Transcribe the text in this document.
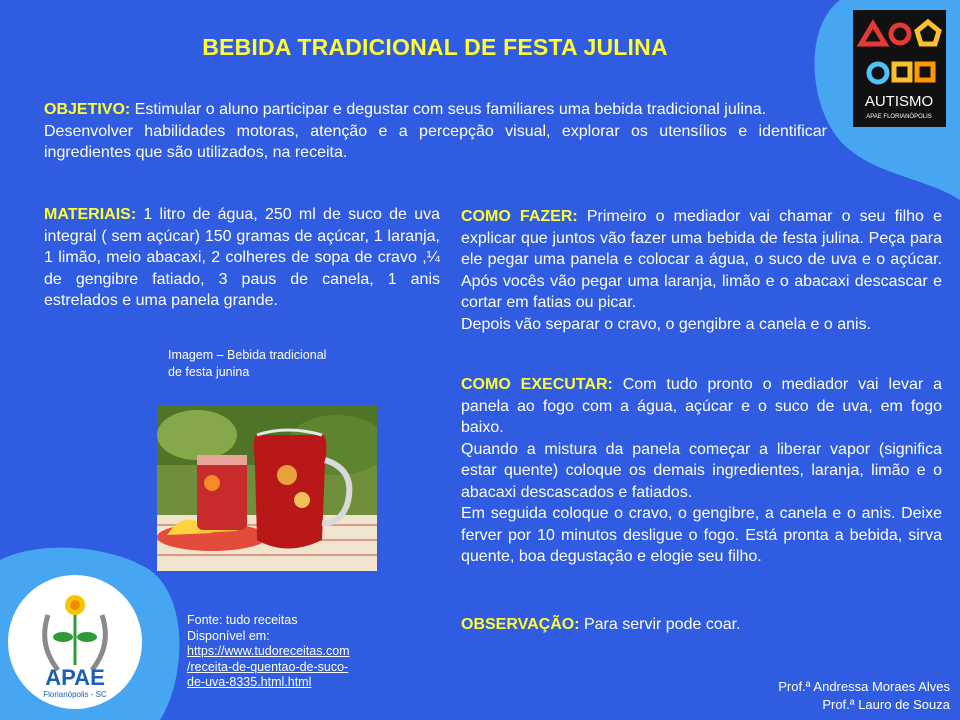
BEBIDA TRADICIONAL DE FESTA JULINA
AUTISMO
APAE FLORIANÓPOLIS

OBJETIVO: Estimular o aluno participar e degustar com seus familiares uma bebida tradicional julina.

Desenvolver habilidades motoras, atenção e a percepção visual, explorar os utensílios e identificar ingredientes que são utilizados, na receita.

MATERIAIS: 1 litro de água, 250 ml de suco de uva integral ( sem açúcar) 150 gramas de açúcar, 1 laranja, 1 limão, meio abacaxi, 2 colheres de sopa de cravo ,¼ de gengibre fatiado, 3 paus de canela, 1 anis estrelados e uma panela grande.

COMO FAZER: Primeiro o mediador vai chamar o seu filho e explicar que juntos vão fazer uma bebida de festa julina. Peça para ele pegar uma panela e colocar a água, o suco de uva e o açúcar. Após vocês vão pegar uma laranja, limão e o abacaxi descascar e cortar em fatias ou picar.

Depois vão separar o cravo, o gengibre a canela e o anis.

COMO EXECUTAR: Com tudo pronto o mediador vai levar a panela ao fogo com a água, açúcar e o suco de uva, em fogo baixo.

Quando a mistura da panela começar a liberar vapor (significa estar quente) coloque os demais ingredientes, laranja, limão e o abacaxi descascados e fatiados.

Em seguida coloque o cravo, o gengibre, a canela e o anis. Deixe ferver por 10 minutos desligue o fogo. Está pronta a bebida, sirva quente, boa degustação e elogie seu filho.

OBSERVAÇÃO: Para servir pode coar.

Imagem – Bebida tradicional
de festa junina
Fonte: tudo receitas
Disponível em:
https://www.tudoreceitas.com
/receita-de-quentao-de-suco-
de-uva-8335.html.html
APAE
Florianópolis - SC
Prof.ª Andressa Moraes Alves
Prof.ª Lauro de Souza
